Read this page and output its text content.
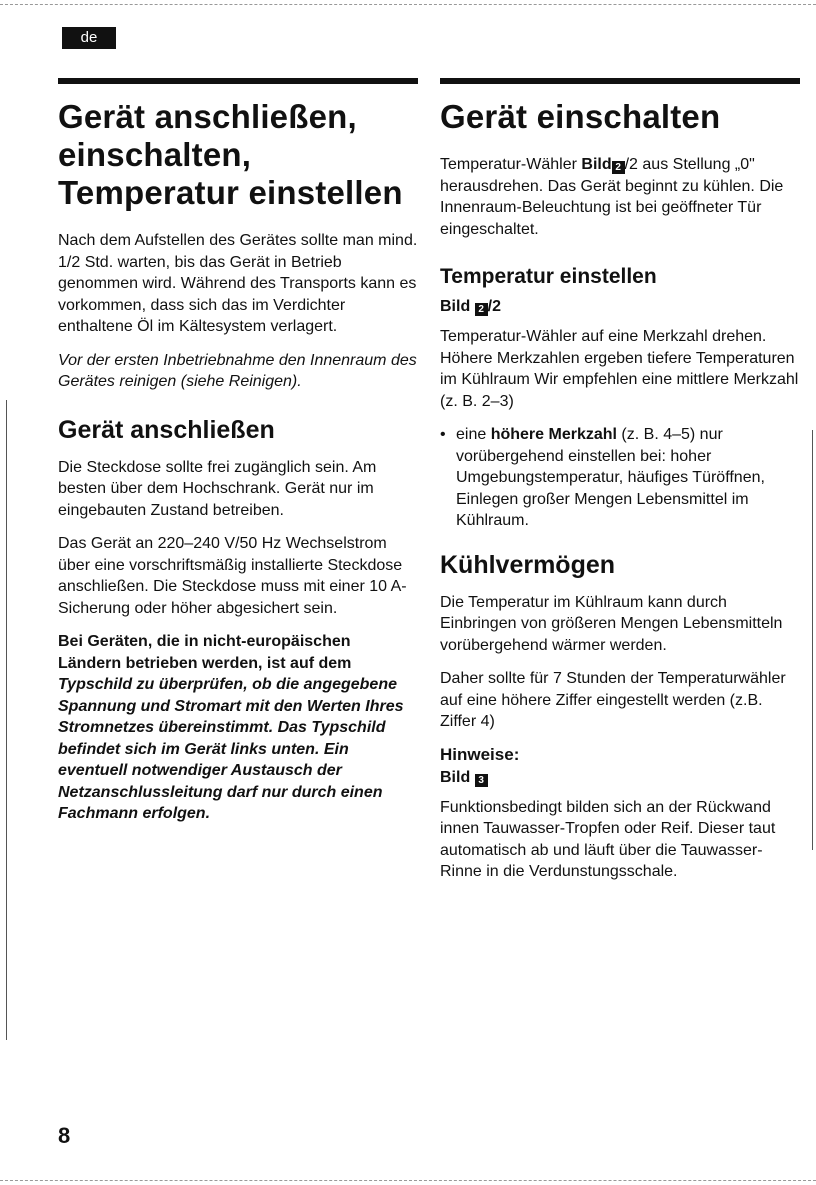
de
Gerät anschließen, einschalten, Temperatur einstellen

Nach dem Aufstellen des Gerätes sollte man mind. 1/2 Std. warten, bis das Gerät in Betrieb genommen wird. Während des Transports kann es vorkommen, dass sich das im Verdichter enthaltene Öl im Kältesystem verlagert.

Vor der ersten Inbetriebnahme den Innenraum des Gerätes reinigen (siehe Reinigen).

Gerät anschließen

Die Steckdose sollte frei zugänglich sein. Am besten über dem Hochschrank. Gerät nur im eingebauten Zustand betreiben.

Das Gerät an 220–240 V/50 Hz Wechselstrom über eine vorschriftsmäßig installierte Steckdose anschließen. Die Steckdose muss mit einer 10 A-Sicherung oder höher abgesichert sein.

Bei Geräten, die in nicht-europäischen Ländern betrieben werden, ist auf dem Typschild zu überprüfen, ob die angegebene Spannung und Stromart mit den Werten Ihres Stromnetzes übereinstimmt. Das Typschild befindet sich im Gerät links unten. Ein eventuell notwendiger Austausch der Netzanschlussleitung darf nur durch einen Fachmann erfolgen.

Gerät einschalten

Temperatur-Wähler Bild 2 /2 aus Stellung „0" herausdrehen. Das Gerät beginnt zu kühlen. Die Innenraum-Beleuchtung ist bei geöffneter Tür eingeschaltet.

Temperatur einstellen
Bild 2 /2

Temperatur-Wähler auf eine Merkzahl drehen. Höhere Merkzahlen ergeben tiefere Temperaturen im Kühlraum Wir empfehlen eine mittlere Merkzahl (z. B. 2–3)

• eine höhere Merkzahl (z. B. 4–5) nur vorübergehend einstellen bei: hoher Umgebungstemperatur, häufiges Türöffnen, Einlegen großer Mengen Lebensmittel im Kühlraum.

Kühlvermögen

Die Temperatur im Kühlraum kann durch Einbringen von größeren Mengen Lebensmitteln vorübergehend wärmer werden.

Daher sollte für 7 Stunden der Temperaturwähler auf eine höhere Ziffer eingestellt werden (z.B. Ziffer 4)

Hinweise:
Bild 3

Funktionsbedingt bilden sich an der Rückwand innen Tauwasser-Tropfen oder Reif. Dieser taut automatisch ab und läuft über die Tauwasser-Rinne in die Verdunstungsschale.

8
